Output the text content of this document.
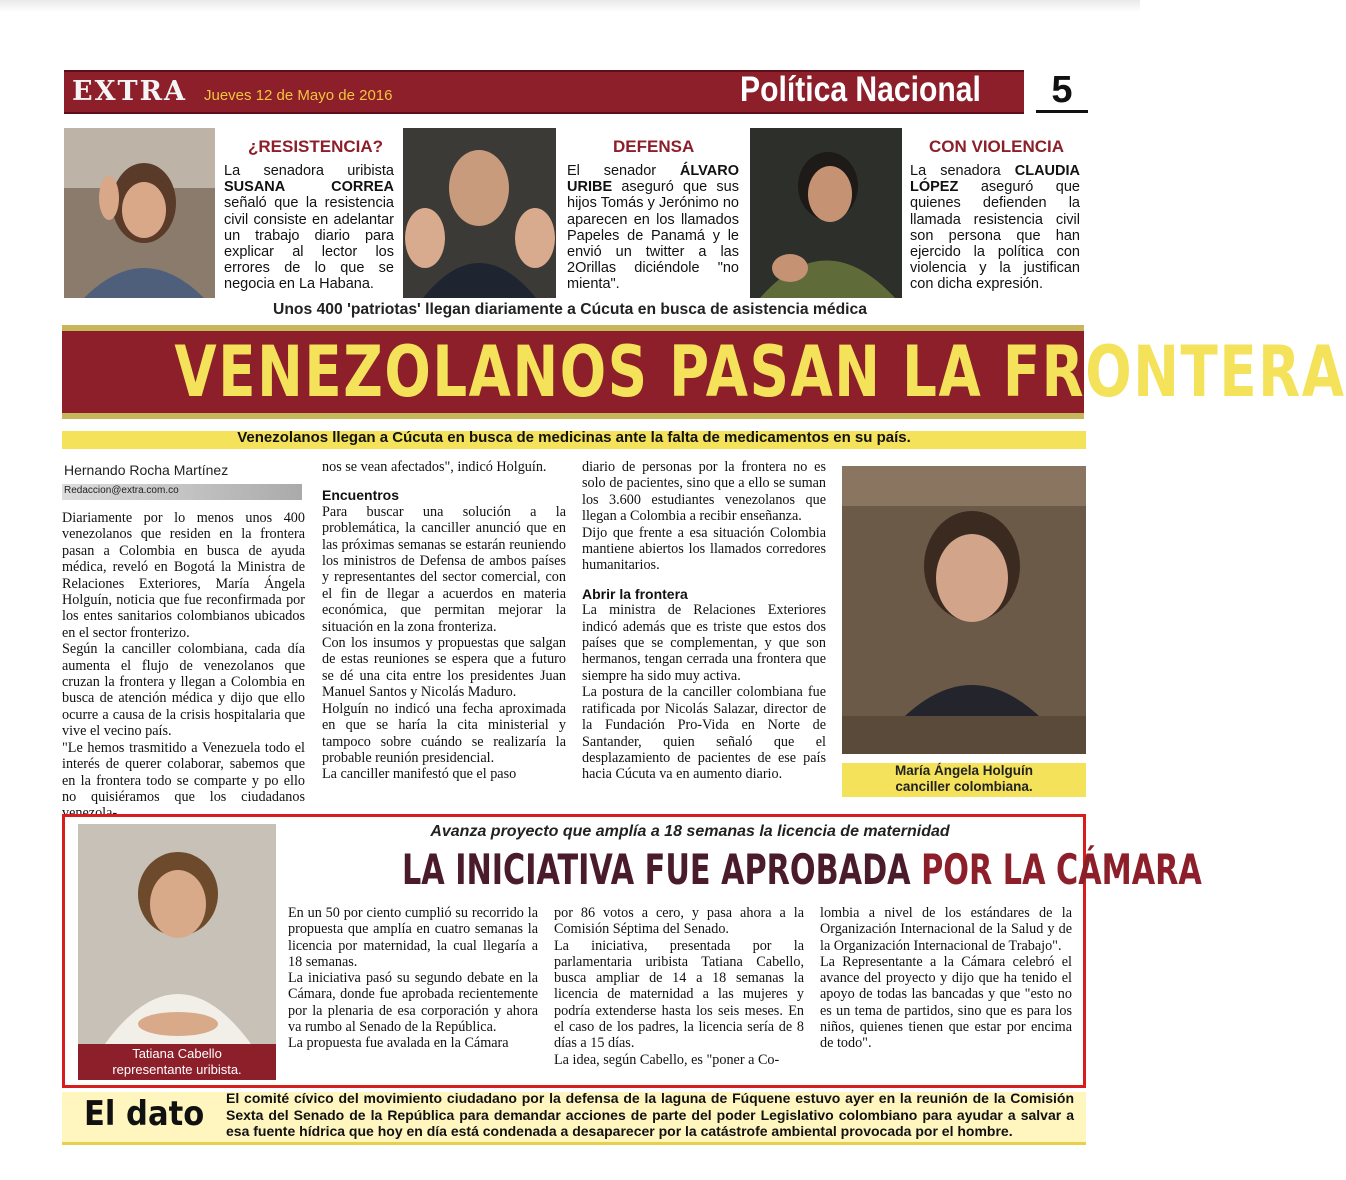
EXTRA Jueves 12 de Mayo de 2016	Política Nacional	5
¿RESISTENCIA?
La senadora uribista SUSANA CORREA señaló que la resistencia civil consiste en adelantar un trabajo diario para explicar al lector los errores de lo que se negocia en La Habana.
DEFENSA
El senador ÁLVARO URIBE aseguró que sus hijos Tomás y Jerónimo no aparecen en los llamados Papeles de Panamá y le envió un twitter a las 2Orillas diciéndole "no mienta".
CON VIOLENCIA
La senadora CLAUDIA LÓPEZ aseguró que quienes defienden la llamada resistencia civil son persona que han ejercido la política con violencia y la justifican con dicha expresión.
Unos 400 'patriotas' llegan diariamente a Cúcuta en busca de asistencia médica
VENEZOLANOS PASAN LA FRONTERA
Venezolanos llegan a Cúcuta en busca de medicinas ante la falta de medicamentos en su país.
Hernando Rocha Martínez
Redaccion@extra.com.co

Diariamente por lo menos unos 400 venezolanos que residen en la frontera pasan a Colombia en busca de ayuda médica, reveló en Bogotá la Ministra de Relaciones Exteriores, María Ángela Holguín, noticia que fue reconfirmada por los entes sanitarios colombianos ubicados en el sector fronterizo.

Según la canciller colombiana, cada día aumenta el flujo de venezolanos que cruzan la frontera y llegan a Colombia en busca de atención médica y dijo que ello ocurre a causa de la crisis hospitalaria que vive el vecino país.

"Le hemos trasmitido a Venezuela todo el interés de querer colaborar, sabemos que en la frontera todo se comparte y po ello no quisiéramos que los ciudadanos venezola-

nos se vean afectados", indicó Holguín.

Encuentros

Para buscar una solución a la problemática, la canciller anunció que en las próximas semanas se estarán reuniendo los ministros de Defensa de ambos países y representantes del sector comercial, con el fin de llegar a acuerdos en materia económica, que permitan mejorar la situación en la zona fronteriza.

Con los insumos y propuestas que salgan de estas reuniones se espera que a futuro se dé una cita entre los presidentes Juan Manuel Santos y Nicolás Maduro.

Holguín no indicó una fecha aproximada en que se haría la cita ministerial y tampoco sobre cuándo se realizaría la probable reunión presidencial.

La canciller manifestó que el paso

diario de personas por la frontera no es solo de pacientes, sino que a ello se suman los 3.600 estudiantes venezolanos que llegan a Colombia a recibir enseñanza.

Dijo que frente a esa situación Colombia mantiene abiertos los llamados corredores humanitarios.

Abrir la frontera

La ministra de Relaciones Exteriores indicó además que es triste que estos dos países que se complementan, y que son hermanos, tengan cerrada una frontera que siempre ha sido muy activa.

La postura de la canciller colombiana fue ratificada por Nicolás Salazar, director de la Fundación Pro-Vida en Norte de Santander, quien señaló que el desplazamiento de pacientes de ese país hacia Cúcuta va en aumento diario.	María Ángela Holguín
canciller colombiana.
Tatiana Cabello
representante uribista.
Avanza proyecto que amplía a 18 semanas la licencia de maternidad
LA INICIATIVA FUE APROBADA POR LA CÁMARA

En un 50 por ciento cumplió su recorrido la propuesta que amplía en cuatro semanas la licencia por maternidad, la cual llegaría a 18 semanas.

La iniciativa pasó su segundo debate en la Cámara, donde fue aprobada recientemente por la plenaria de esa corporación y ahora va rumbo al Senado de la República.

La propuesta fue avalada en la Cámara

por 86 votos a cero, y pasa ahora a la Comisión Séptima del Senado.

La iniciativa, presentada por la parlamentaria uribista Tatiana Cabello, busca ampliar de 14 a 18 semanas la licencia de maternidad a las mujeres y podría extenderse hasta los seis meses. En el caso de los padres, la licencia sería de 8 días a 15 días.

La idea, según Cabello, es "poner a Co-

lombia a nivel de los estándares de la Organización Internacional de la Salud y de la Organización Internacional de Trabajo".

La Representante a la Cámara celebró el avance del proyecto y dijo que ha tenido el apoyo de todas las bancadas y que "esto no es un tema de partidos, sino que es para los niños, quienes tienen que estar por encima de todo".

El dato El comité cívico del movimiento ciudadano por la defensa de la laguna de Fúquene estuvo ayer en la reunión de la Comisión Sexta del Senado de la República para demandar acciones de parte del poder Legislativo colombiano para ayudar a salvar a esa fuente hídrica que hoy en día está condenada a desaparecer por la catástrofe ambiental provocada por el hombre.
